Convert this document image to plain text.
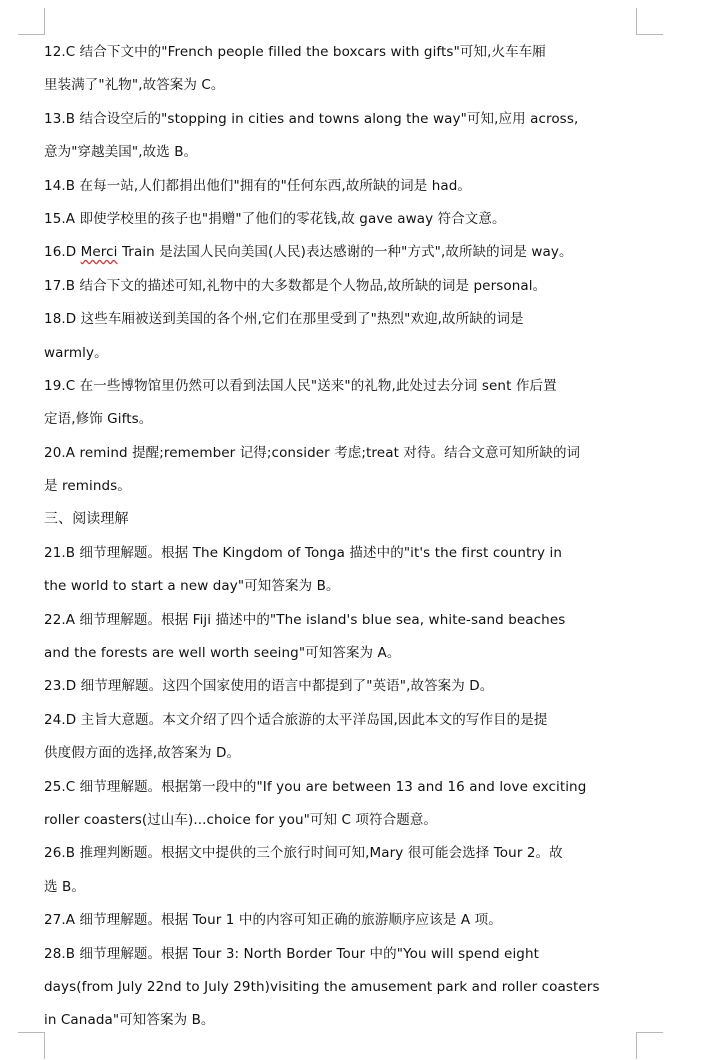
12.C 结合下文中的"French people filled the boxcars with gifts"可知,火车车厢
里装满了"礼物",故答案为 C。
13.B 结合设空后的"stopping in cities and towns along the way"可知,应用 across,
意为"穿越美国",故选 B。
14.B 在每一站,人们都捐出他们"拥有的"任何东西,故所缺的词是 had。
15.A 即使学校里的孩子也"捐赠"了他们的零花钱,故 gave away 符合文意。
16.D Merci Train 是法国人民向美国(人民)表达感谢的一种"方式",故所缺的词是 way。
17.B 结合下文的描述可知,礼物中的大多数都是个人物品,故所缺的词是 personal。
18.D 这些车厢被送到美国的各个州,它们在那里受到了"热烈"欢迎,故所缺的词是
warmly。
19.C 在一些博物馆里仍然可以看到法国人民"送来"的礼物,此处过去分词 sent 作后置
定语,修饰 Gifts。
20.A remind 提醒;remember 记得;consider 考虑;treat 对待。结合文意可知所缺的词
是 reminds。
三、阅读理解
21.B 细节理解题。根据 The Kingdom of Tonga 描述中的"it's the first country in
the world to start a new day"可知答案为 B。
22.A 细节理解题。根据 Fiji 描述中的"The island's blue sea, white-sand beaches
and the forests are well worth seeing"可知答案为 A。
23.D 细节理解题。这四个国家使用的语言中都提到了"英语",故答案为 D。
24.D 主旨大意题。本文介绍了四个适合旅游的太平洋岛国,因此本文的写作目的是提
供度假方面的选择,故答案为 D。
25.C 细节理解题。根据第一段中的"If you are between 13 and 16 and love exciting
roller coasters(过山车)...choice for you"可知 C 项符合题意。
26.B 推理判断题。根据文中提供的三个旅行时间可知,Mary 很可能会选择 Tour 2。故
选 B。
27.A 细节理解题。根据 Tour 1 中的内容可知正确的旅游顺序应该是 A 项。
28.B 细节理解题。根据 Tour 3: North Border Tour 中的"You will spend eight
days(from July 22nd to July 29th)visiting the amusement park and roller coasters
in Canada"可知答案为 B。
